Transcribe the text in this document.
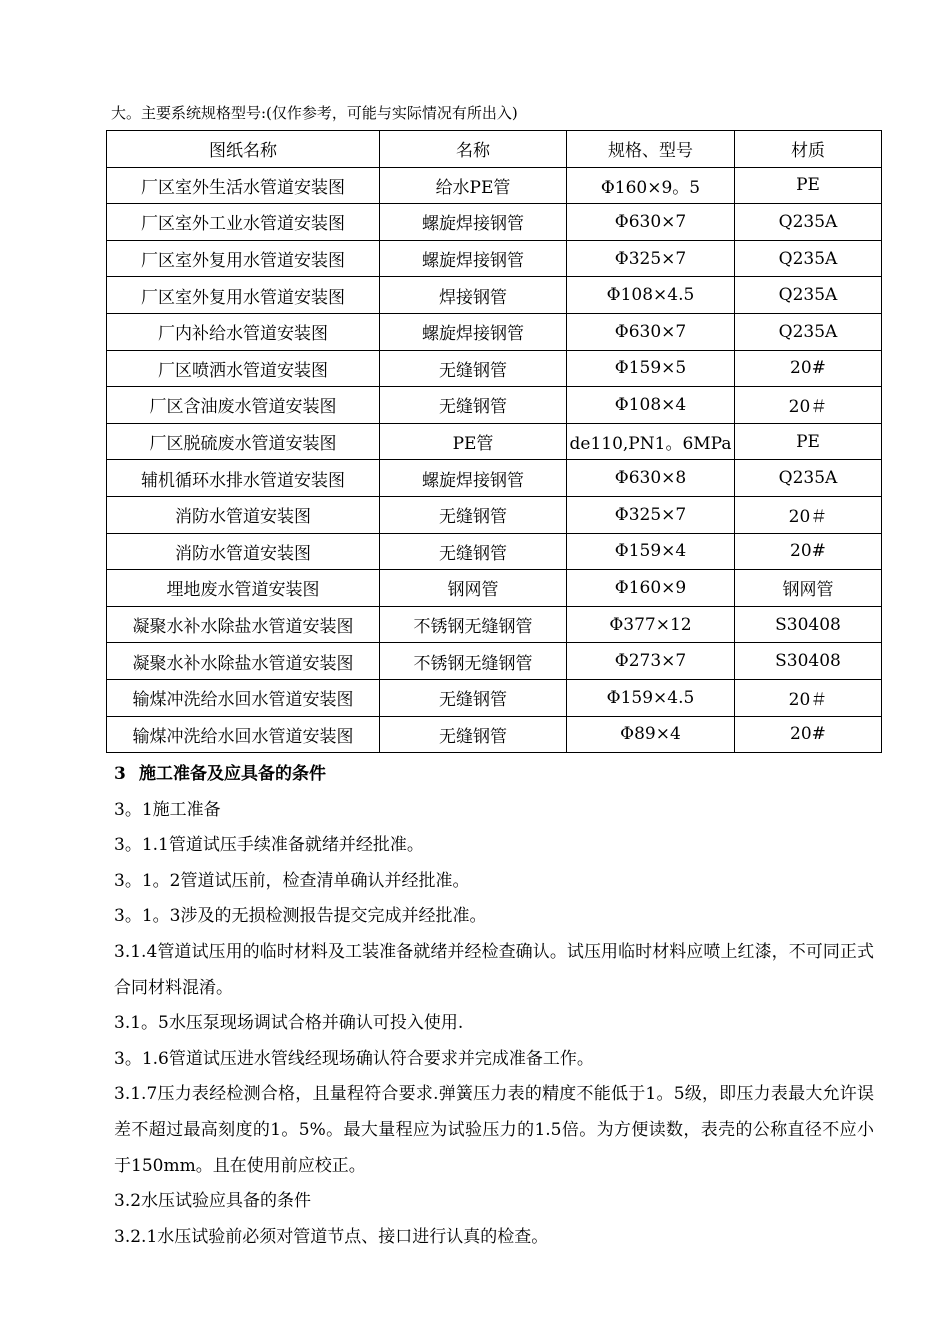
大。主要系统规格型号:(仅作参考，可能与实际情况有所出入)
图纸名称	名称	规格、型号	材质
厂区室外生活水管道安装图	给水PE管	Φ160×9。5	PE
厂区室外工业水管道安装图	螺旋焊接钢管	Φ630×7	Q235A
厂区室外复用水管道安装图	螺旋焊接钢管	Φ325×7	Q235A
厂区室外复用水管道安装图	焊接钢管	Φ108×4.5	Q235A
厂内补给水管道安装图	螺旋焊接钢管	Φ630×7	Q235A
厂区喷洒水管道安装图	无缝钢管	Φ159×5	20#
厂区含油废水管道安装图	无缝钢管	Φ108×4	20＃
厂区脱硫废水管道安装图	PE管	de110,PN1。6MPa	PE
辅机循环水排水管道安装图	螺旋焊接钢管	Φ630×8	Q235A
消防水管道安装图	无缝钢管	Φ325×7	20＃
消防水管道安装图	无缝钢管	Φ159×4	20#
埋地废水管道安装图	钢网管	Φ160×9	钢网管
凝聚水补水除盐水管道安装图	不锈钢无缝钢管	Φ377×12	S30408
凝聚水补水除盐水管道安装图	不锈钢无缝钢管	Φ273×7	S30408
输煤冲洗给水回水管道安装图	无缝钢管	Φ159×4.5	20＃
输煤冲洗给水回水管道安装图	无缝钢管	Φ89×4	20#

3 施工准备及应具备的条件

3。1施工准备

3。1.1管道试压手续准备就绪并经批准。

3。1。2管道试压前，检查清单确认并经批准。

3。1。3涉及的无损检测报告提交完成并经批准。

3.1.4管道试压用的临时材料及工装准备就绪并经检查确认。试压用临时材料应喷上红漆，不可同正式合同材料混淆。

3.1。5水压泵现场调试合格并确认可投入使用.

3。1.6管道试压进水管线经现场确认符合要求并完成准备工作。

3.1.7压力表经检测合格，且量程符合要求.弹簧压力表的精度不能低于1。5级，即压力表最大允许误差不超过最高刻度的1。5%。最大量程应为试验压力的1.5倍。为方便读数，表壳的公称直径不应小于150mm。且在使用前应校正。

3.2水压试验应具备的条件

3.2.1水压试验前必须对管道节点、接口进行认真的检查。
